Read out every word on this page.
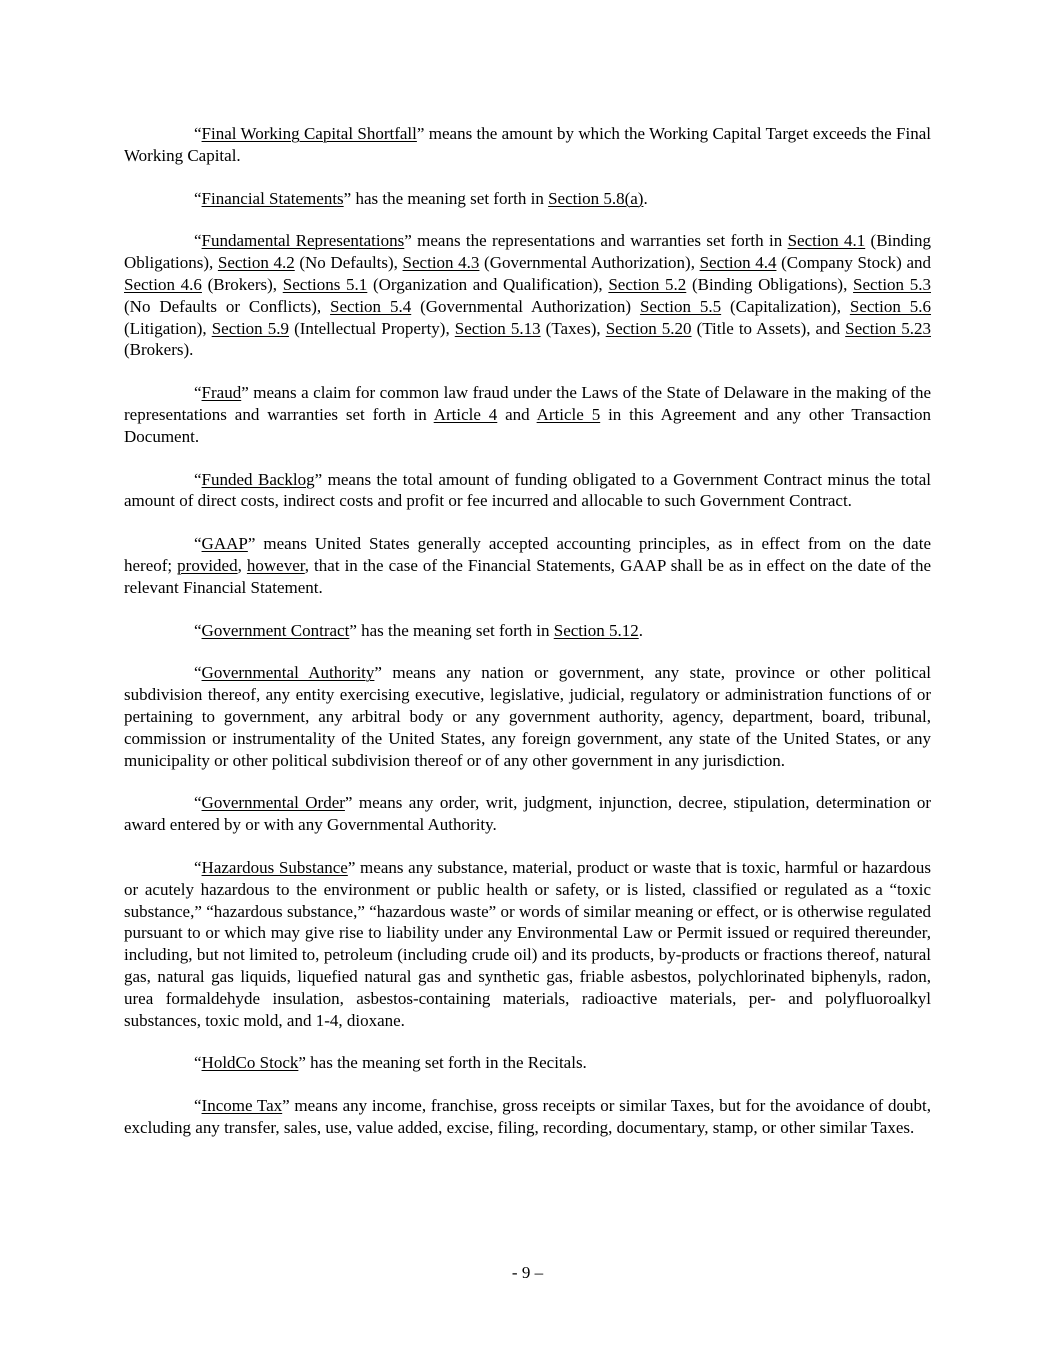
“Final Working Capital Shortfall” means the amount by which the Working Capital Target exceeds the Final Working Capital.

“Financial Statements” has the meaning set forth in Section 5.8(a).

“Fundamental Representations” means the representations and warranties set forth in Section 4.1 (Binding Obligations), Section 4.2 (No Defaults), Section 4.3 (Governmental Authorization), Section 4.4 (Company Stock) and Section 4.6 (Brokers), Sections 5.1 (Organization and Qualification), Section 5.2 (Binding Obligations), Section 5.3 (No Defaults or Conflicts), Section 5.4 (Governmental Authorization) Section 5.5 (Capitalization), Section 5.6 (Litigation), Section 5.9 (Intellectual Property), Section 5.13 (Taxes), Section 5.20 (Title to Assets), and Section 5.23 (Brokers).

“Fraud” means a claim for common law fraud under the Laws of the State of Delaware in the making of the representations and warranties set forth in Article 4 and Article 5 in this Agreement and any other Transaction Document.

“Funded Backlog” means the total amount of funding obligated to a Government Contract minus the total amount of direct costs, indirect costs and profit or fee incurred and allocable to such Government Contract.

“GAAP” means United States generally accepted accounting principles, as in effect from on the date hereof; provided, however, that in the case of the Financial Statements, GAAP shall be as in effect on the date of the relevant Financial Statement.

“Government Contract” has the meaning set forth in Section 5.12.

“Governmental Authority” means any nation or government, any state, province or other political subdivision thereof, any entity exercising executive, legislative, judicial, regulatory or administration functions of or pertaining to government, any arbitral body or any government authority, agency, department, board, tribunal, commission or instrumentality of the United States, any foreign government, any state of the United States, or any municipality or other political subdivision thereof or of any other government in any jurisdiction.

“Governmental Order” means any order, writ, judgment, injunction, decree, stipulation, determination or award entered by or with any Governmental Authority.

“Hazardous Substance” means any substance, material, product or waste that is toxic, harmful or hazardous or acutely hazardous to the environment or public health or safety, or is listed, classified or regulated as a “toxic substance,” “hazardous substance,” “hazardous waste” or words of similar meaning or effect, or is otherwise regulated pursuant to or which may give rise to liability under any Environmental Law or Permit issued or required thereunder, including, but not limited to, petroleum (including crude oil) and its products, by-products or fractions thereof, natural gas, natural gas liquids, liquefied natural gas and synthetic gas, friable asbestos, polychlorinated biphenyls, radon, urea formaldehyde insulation, asbestos-containing materials, radioactive materials, per- and polyfluoroalkyl substances, toxic mold, and 1-4, dioxane.

“HoldCo Stock” has the meaning set forth in the Recitals.

“Income Tax” means any income, franchise, gross receipts or similar Taxes, but for the avoidance of doubt, excluding any transfer, sales, use, value added, excise, filing, recording, documentary, stamp, or other similar Taxes.

- 9 –
